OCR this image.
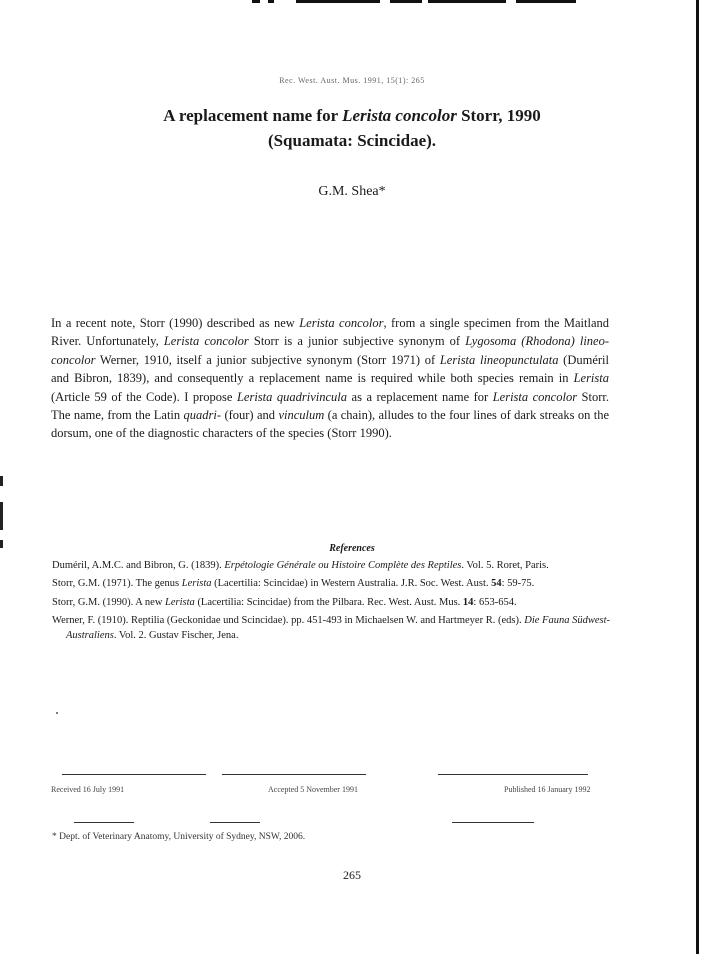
Rec. West. Aust. Mus. 1991, 15(1): 265
A replacement name for Lerista concolor Storr, 1990
(Squamata: Scincidae).
G.M. Shea*

In a recent note, Storr (1990) described as new Lerista concolor, from a single specimen from the Maitland River. Unfortunately, Lerista concolor Storr is a junior subjective synonym of Lygosoma (Rhodona) lineo-concolor Werner, 1910, itself a junior subjective synonym (Storr 1971) of Lerista lineopunctulata (Duméril and Bibron, 1839), and consequently a replacement name is required while both species remain in Lerista (Article 59 of the Code). I propose Lerista quadrivincula as a replacement name for Lerista concolor Storr. The name, from the Latin quadri- (four) and vinculum (a chain), alludes to the four lines of dark streaks on the dorsum, one of the diagnostic characters of the species (Storr 1990).

References
Duméril, A.M.C. and Bibron, G. (1839). Erpétologie Générale ou Histoire Complète des Reptiles. Vol. 5. Roret, Paris.
Storr, G.M. (1971). The genus Lerista (Lacertilia: Scincidae) in Western Australia. J.R. Soc. West. Aust. 54: 59-75.
Storr, G.M. (1990). A new Lerista (Lacertilia: Scincidae) from the Pilbara. Rec. West. Aust. Mus. 14: 653-654.
Werner, F. (1910). Reptilia (Geckonidae und Scincidae). pp. 451-493 in Michaelsen W. and Hartmeyer R. (eds). Die Fauna Südwest-Australiens. Vol. 2. Gustav Fischer, Jena.
Received 16 July 1991	Accepted 5 November 1991	Published 16 January 1992
* Dept. of Veterinary Anatomy, University of Sydney, NSW, 2006.
265
